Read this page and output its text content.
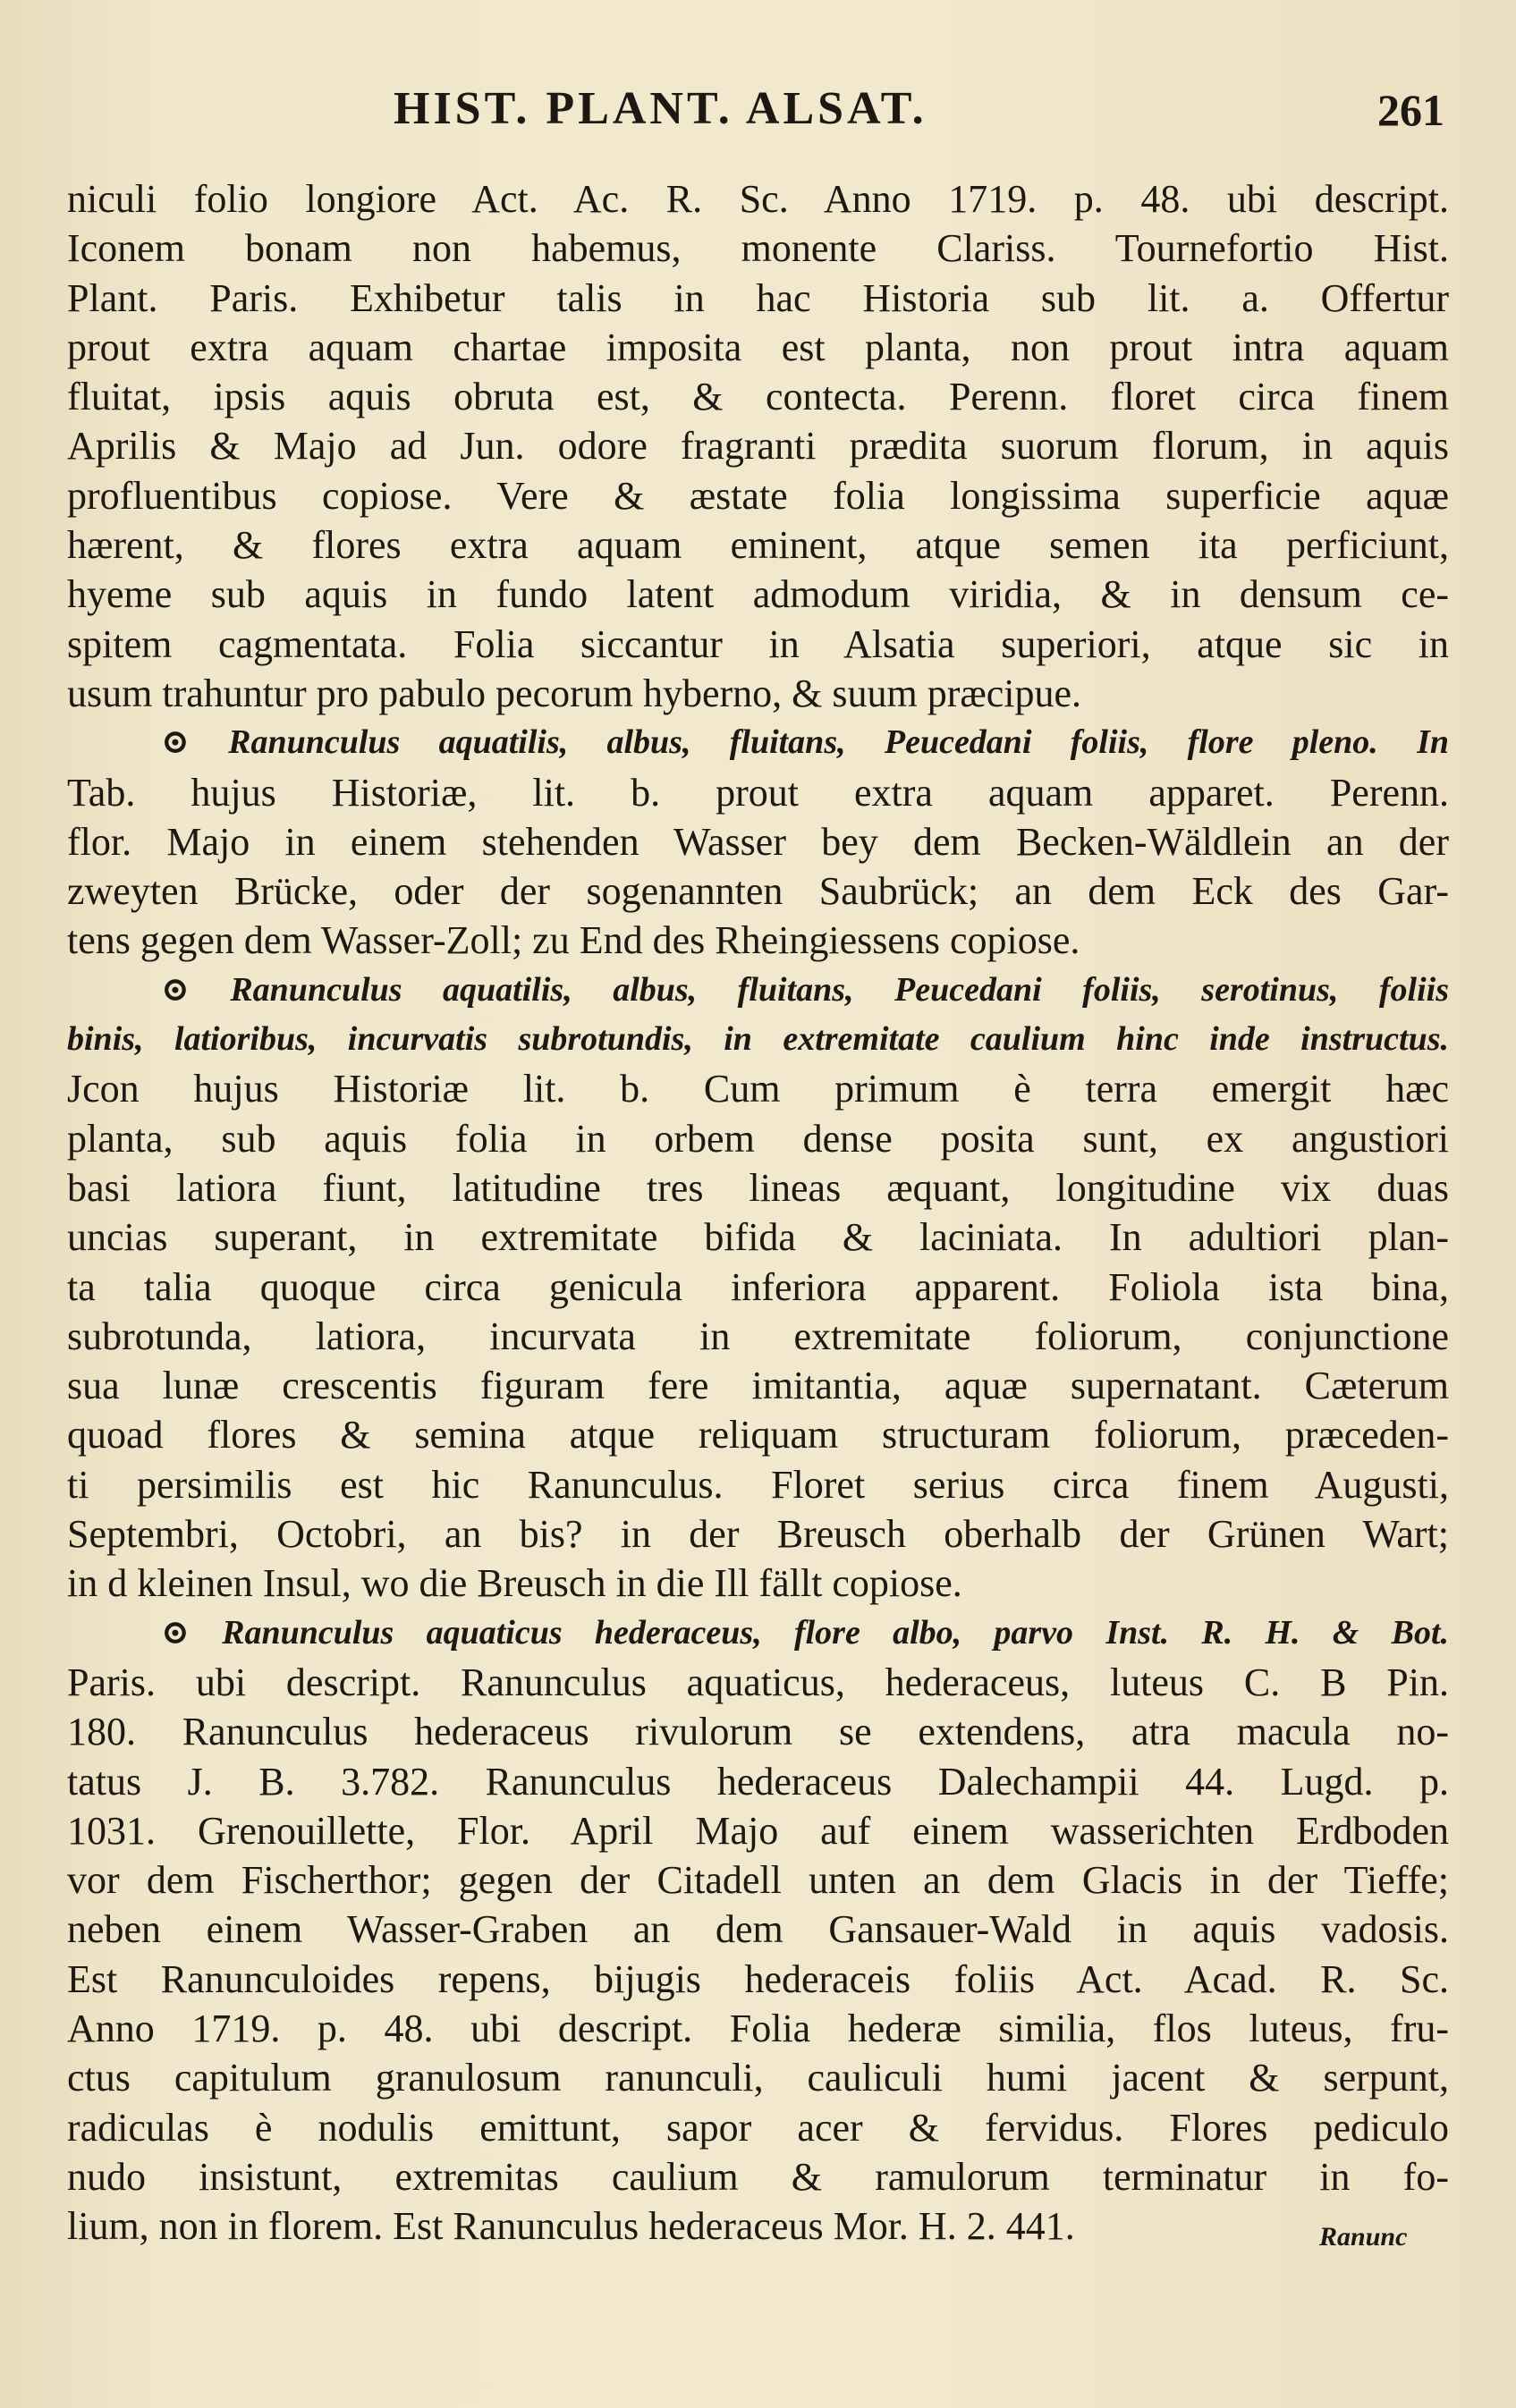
HIST. PLANT. ALSAT.	261
niculi folio longiore Act. Ac. R. Sc. Anno 1719. p. 48. ubi descript.
Iconem bonam non habemus, monente Clariss. Tournefortio Hist.
Plant. Paris. Exhibetur talis in hac Historia sub lit. a. Offertur
prout extra aquam chartae imposita est planta, non prout intra aquam
fluitat, ipsis aquis obruta est, & contecta. Perenn. floret circa finem
Aprilis & Majo ad Jun. odore fragranti prædita suorum florum, in aquis
profluentibus copiose. Vere & æstate folia longissima superficie aquæ
hærent, & flores extra aquam eminent, atque semen ita perficiunt,
hyeme sub aquis in fundo latent admodum viridia, & in densum ce-
spitem cagmentata. Folia siccantur in Alsatia superiori, atque sic in
usum trahuntur pro pabulo pecorum hyberno, & suum præcipue.
⊙ Ranunculus aquatilis, albus, fluitans, Peucedani foliis, flore pleno. In
Tab. hujus Historiæ, lit. b. prout extra aquam apparet. Perenn.
flor. Majo in einem stehenden Wasser bey dem Becken-Wäldlein an der
zweyten Brücke, oder der sogenannten Saubrück; an dem Eck des Gar-
tens gegen dem Wasser-Zoll; zu End des Rheingiessens copiose.
⊙ Ranunculus aquatilis, albus, fluitans, Peucedani foliis, serotinus, foliis
binis, latioribus, incurvatis subrotundis, in extremitate caulium hinc inde instructus.
Jcon hujus Historiæ lit. b. Cum primum è terra emergit hæc
planta, sub aquis folia in orbem dense posita sunt, ex angustiori
basi latiora fiunt, latitudine tres lineas æquant, longitudine vix duas
uncias superant, in extremitate bifida & laciniata. In adultiori plan-
ta talia quoque circa genicula inferiora apparent. Foliola ista bina,
subrotunda, latiora, incurvata in extremitate foliorum, conjunctione
sua lunæ crescentis figuram fere imitantia, aquæ supernatant. Cæterum
quoad flores & semina atque reliquam structuram foliorum, præceden-
ti persimilis est hic Ranunculus. Floret serius circa finem Augusti,
Septembri, Octobri, an bis? in der Breusch oberhalb der Grünen Wart;
in d kleinen Insul, wo die Breusch in die Ill fällt copiose.
⊙ Ranunculus aquaticus hederaceus, flore albo, parvo Inst. R. H. & Bot.
Paris. ubi descript. Ranunculus aquaticus, hederaceus, luteus C. B Pin.
180. Ranunculus hederaceus rivulorum se extendens, atra macula no-
tatus J. B. 3.782. Ranunculus hederaceus Dalechampii 44. Lugd. p.
1031. Grenouillette, Flor. April Majo auf einem wasserichten Erdboden
vor dem Fischerthor; gegen der Citadell unten an dem Glacis in der Tieffe;
neben einem Wasser-Graben an dem Gansauer-Wald in aquis vadosis.
Est Ranunculoides repens, bijugis hederaceis foliis Act. Acad. R. Sc.
Anno 1719. p. 48. ubi descript. Folia hederæ similia, flos luteus, fru-
ctus capitulum granulosum ranunculi, cauliculi humi jacent & serpunt,
radiculas è nodulis emittunt, sapor acer & fervidus. Flores pediculo
nudo insistunt, extremitas caulium & ramulorum terminatur in fo-
lium, non in florem. Est Ranunculus hederaceus Mor. H. 2. 441.	Ranunc
